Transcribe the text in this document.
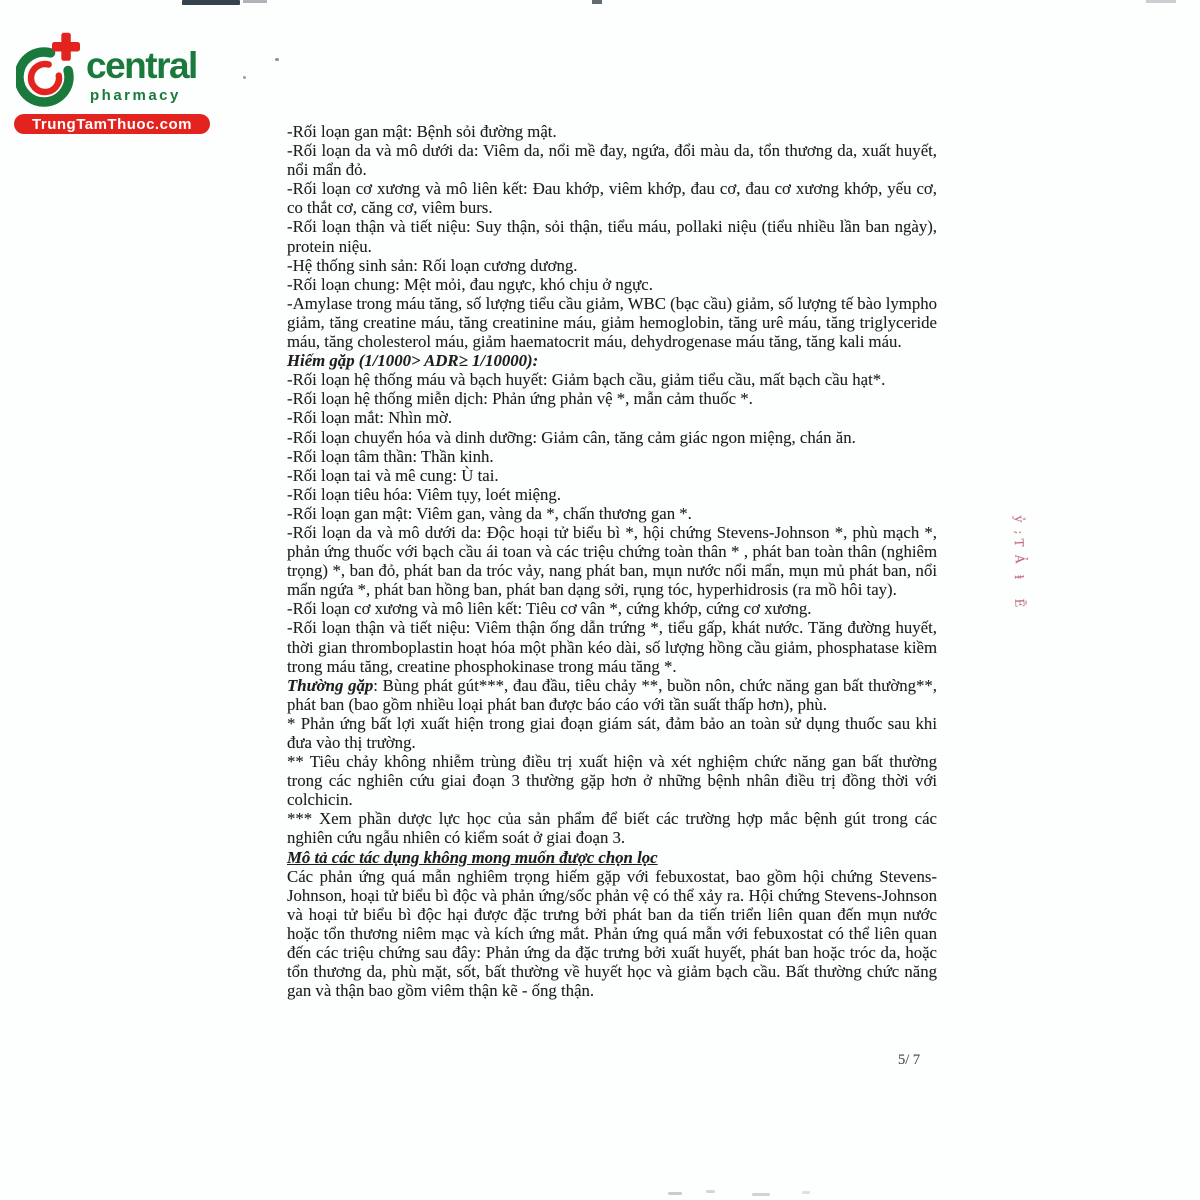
central
pharmacy
TrungTamThuoc.com	-Rối loạn gan mật: Bệnh sỏi đường mật.

-Rối loạn da và mô dưới da: Viêm da, nổi mề đay, ngứa, đổi màu da, tổn thương da, xuất huyết, nổi mẩn đỏ.

-Rối loạn cơ xương và mô liên kết: Đau khớp, viêm khớp, đau cơ, đau cơ xương khớp, yếu cơ, co thắt cơ, căng cơ, viêm burs.

-Rối loạn thận và tiết niệu: Suy thận, sỏi thận, tiểu máu, pollaki niệu (tiểu nhiều lần ban ngày), protein niệu.

-Hệ thống sinh sản: Rối loạn cương dương.

-Rối loạn chung: Mệt mỏi, đau ngực, khó chịu ở ngực.

-Amylase trong máu tăng, số lượng tiểu cầu giảm, WBC (bạc cầu) giảm, số lượng tế bào lympho giảm, tăng creatine máu, tăng creatinine máu, giảm hemoglobin, tăng urê máu, tăng triglyceride máu, tăng cholesterol máu, giảm haematocrit máu, dehydrogenase máu tăng, tăng kali máu.

Hiếm gặp (1/1000> ADR≥ 1/10000):

-Rối loạn hệ thống máu và bạch huyết: Giảm bạch cầu, giảm tiểu cầu, mất bạch cầu hạt*.

-Rối loạn hệ thống miễn dịch: Phản ứng phản vệ *, mẫn cảm thuốc *.

-Rối loạn mắt: Nhìn mờ.

-Rối loạn chuyển hóa và dinh dưỡng: Giảm cân, tăng cảm giác ngon miệng, chán ăn.

-Rối loạn tâm thần: Thần kinh.

-Rối loạn tai và mê cung: Ù tai.

-Rối loạn tiêu hóa: Viêm tụy, loét miệng.

-Rối loạn gan mật: Viêm gan, vàng da *, chấn thương gan *.

-Rối loạn da và mô dưới da: Độc hoại tử biểu bì *, hội chứng Stevens-Johnson *, phù mạch *, phản ứng thuốc với bạch cầu ái toan và các triệu chứng toàn thân * , phát ban toàn thân (nghiêm trọng) *, ban đỏ, phát ban da tróc vảy, nang phát ban, mụn nước nổi mẩn, mụn mủ phát ban, nổi mẩn ngứa *, phát ban hồng ban, phát ban dạng sởi, rụng tóc, hyperhidrosis (ra mồ hôi tay).

-Rối loạn cơ xương và mô liên kết: Tiêu cơ vân *, cứng khớp, cứng cơ xương.

-Rối loạn thận và tiết niệu: Viêm thận ống dẫn trứng *, tiểu gấp, khát nước. Tăng đường huyết, thời gian thromboplastin hoạt hóa một phần kéo dài, số lượng hồng cầu giảm, phosphatase kiềm trong máu tăng, creatine phosphokinase trong máu tăng *.

Thường gặp: Bùng phát gút***, đau đầu, tiêu chảy **, buồn nôn, chức năng gan bất thường**, phát ban (bao gồm nhiều loại phát ban được báo cáo với tần suất thấp hơn), phù.

* Phản ứng bất lợi xuất hiện trong giai đoạn giám sát, đảm bảo an toàn sử dụng thuốc sau khi đưa vào thị trường.

** Tiêu chảy không nhiễm trùng điều trị xuất hiện và xét nghiệm chức năng gan bất thường trong các nghiên cứu giai đoạn 3 thường gặp hơn ở những bệnh nhân điều trị đồng thời với colchicin.

*** Xem phần dược lực học của sản phẩm để biết các trường hợp mắc bệnh gút trong các nghiên cứu ngẫu nhiên có kiểm soát ở giai đoạn 3.

Mô tả các tác dụng không mong muốn được chọn lọc

Các phản ứng quá mẫn nghiêm trọng hiếm gặp với febuxostat, bao gồm hội chứng Stevens-Johnson, hoại tử biểu bì độc và phản ứng/sốc phản vệ có thể xảy ra. Hội chứng Stevens-Johnson và hoại tử biểu bì độc hại được đặc trưng bởi phát ban da tiến triển liên quan đến mụn nước hoặc tổn thương niêm mạc và kích ứng mắt. Phản ứng quá mẫn với febuxostat có thể liên quan đến các triệu chứng sau đây: Phản ứng da đặc trưng bởi xuất huyết, phát ban hoặc tróc da, hoặc tổn thương da, phù mặt, sốt, bất thường về huyết học và giảm bạch cầu. Bất thường chức năng gan và thận bao gồm viêm thận kẽ - ống thận.

ỷ ;
T Ả
ⱡ
Ẽ
5/ 7
